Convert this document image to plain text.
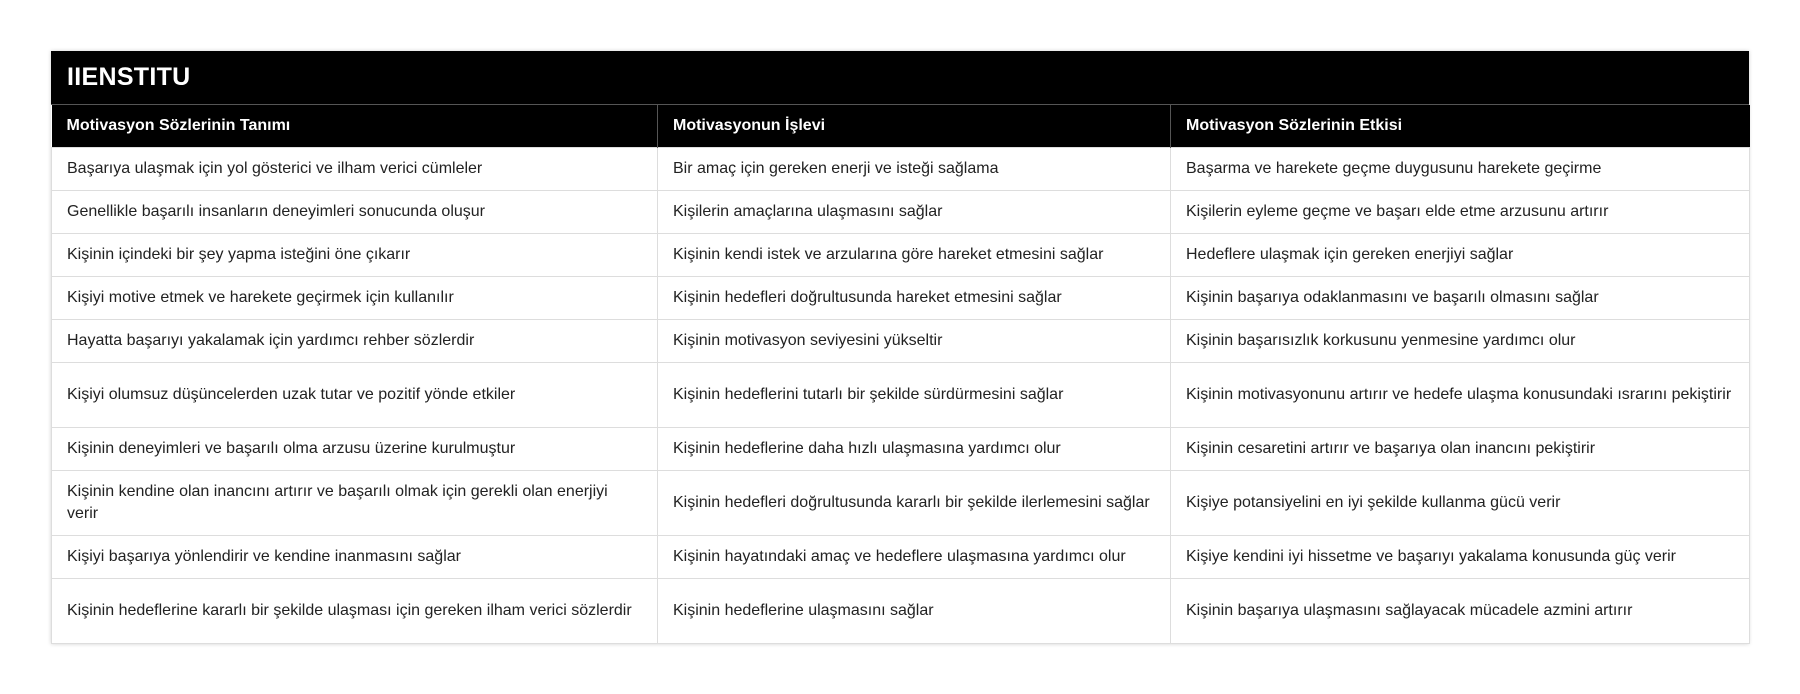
IIENSTITU
Motivasyon Sözlerinin Tanımı	Motivasyonun İşlevi	Motivasyon Sözlerinin Etkisi
Başarıya ulaşmak için yol gösterici ve ilham verici cümleler	Bir amaç için gereken enerji ve isteği sağlama	Başarma ve harekete geçme duygusunu harekete geçirme
Genellikle başarılı insanların deneyimleri sonucunda oluşur	Kişilerin amaçlarına ulaşmasını sağlar	Kişilerin eyleme geçme ve başarı elde etme arzusunu artırır
Kişinin içindeki bir şey yapma isteğini öne çıkarır	Kişinin kendi istek ve arzularına göre hareket etmesini sağlar	Hedeflere ulaşmak için gereken enerjiyi sağlar
Kişiyi motive etmek ve harekete geçirmek için kullanılır	Kişinin hedefleri doğrultusunda hareket etmesini sağlar	Kişinin başarıya odaklanmasını ve başarılı olmasını sağlar
Hayatta başarıyı yakalamak için yardımcı rehber sözlerdir	Kişinin motivasyon seviyesini yükseltir	Kişinin başarısızlık korkusunu yenmesine yardımcı olur
Kişiyi olumsuz düşüncelerden uzak tutar ve pozitif yönde etkiler	Kişinin hedeflerini tutarlı bir şekilde sürdürmesini sağlar	Kişinin motivasyonunu artırır ve hedefe ulaşma konusundaki ısrarını pekiştirir
Kişinin deneyimleri ve başarılı olma arzusu üzerine kurulmuştur	Kişinin hedeflerine daha hızlı ulaşmasına yardımcı olur	Kişinin cesaretini artırır ve başarıya olan inancını pekiştirir
Kişinin kendine olan inancını artırır ve başarılı olmak için gerekli olan enerjiyi verir	Kişinin hedefleri doğrultusunda kararlı bir şekilde ilerlemesini sağlar	Kişiye potansiyelini en iyi şekilde kullanma gücü verir
Kişiyi başarıya yönlendirir ve kendine inanmasını sağlar	Kişinin hayatındaki amaç ve hedeflere ulaşmasına yardımcı olur	Kişiye kendini iyi hissetme ve başarıyı yakalama konusunda güç verir
Kişinin hedeflerine kararlı bir şekilde ulaşması için gereken ilham verici sözlerdir	Kişinin hedeflerine ulaşmasını sağlar	Kişinin başarıya ulaşmasını sağlayacak mücadele azmini artırır
